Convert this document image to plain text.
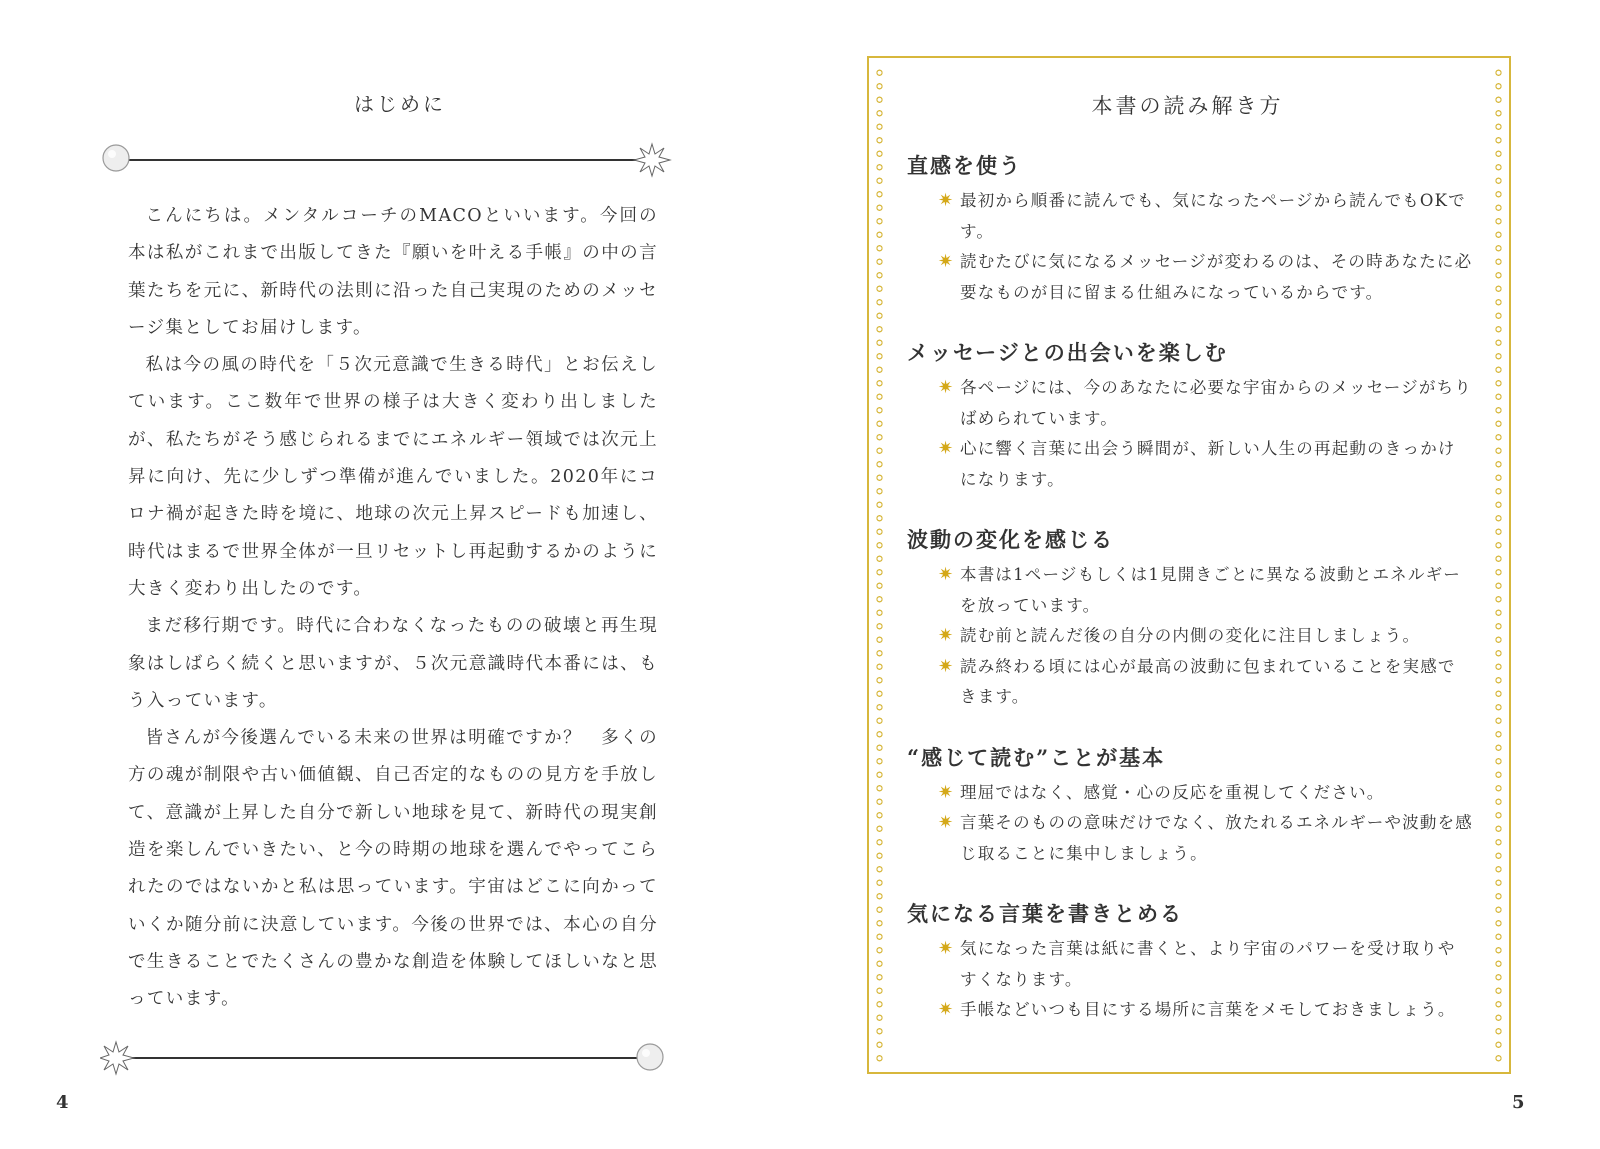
はじめに

こんにちは。メンタルコーチのMACOといいます。今回の本は私がこれまで出版してきた『願いを叶える手帳』の中の言葉たちを元に、新時代の法則に沿った自己実現のためのメッセージ集としてお届けします。

私は今の風の時代を「５次元意識で生きる時代」とお伝えしています。ここ数年で世界の様子は大きく変わり出しましたが、私たちがそう感じられるまでにエネルギー領域では次元上昇に向け、先に少しずつ準備が進んでいました。2020年にコロナ禍が起きた時を境に、地球の次元上昇スピードも加速し、時代はまるで世界全体が一旦リセットし再起動するかのように大きく変わり出したのです。

まだ移行期です。時代に合わなくなったものの破壊と再生現象はしばらく続くと思いますが、５次元意識時代本番には、もう入っています。

皆さんが今後選んでいる未来の世界は明確ですか？　多くの方の魂が制限や古い価値観、自己否定的なものの見方を手放して、意識が上昇した自分で新しい地球を見て、新時代の現実創造を楽しんでいきたい、と今の時期の地球を選んでやってこられたのではないかと私は思っています。宇宙はどこに向かっていくか随分前に決意しています。今後の世界では、本心の自分で生きることでたくさんの豊かな創造を体験してほしいなと思っています。

4
本書の読み解き方
直感を使う
✷ 最初から順番に読んでも、気になったページから読んでもOKです。
✷ 読むたびに気になるメッセージが変わるのは、その時あなたに必要なものが目に留まる仕組みになっているからです。
メッセージとの出会いを楽しむ
✷ 各ページには、今のあなたに必要な宇宙からのメッセージがちりばめられています。
✷ 心に響く言葉に出会う瞬間が、新しい人生の再起動のきっかけになります。
波動の変化を感じる
✷ 本書は1ページもしくは1見開きごとに異なる波動とエネルギーを放っています。
✷ 読む前と読んだ後の自分の内側の変化に注目しましょう。
✷ 読み終わる頃には心が最高の波動に包まれていることを実感できます。
“感じて読む”ことが基本
✷ 理屈ではなく、感覚・心の反応を重視してください。
✷ 言葉そのものの意味だけでなく、放たれるエネルギーや波動を感じ取ることに集中しましょう。
気になる言葉を書きとめる
✷ 気になった言葉は紙に書くと、より宇宙のパワーを受け取りやすくなります。
✷ 手帳などいつも目にする場所に言葉をメモしておきましょう。
5
